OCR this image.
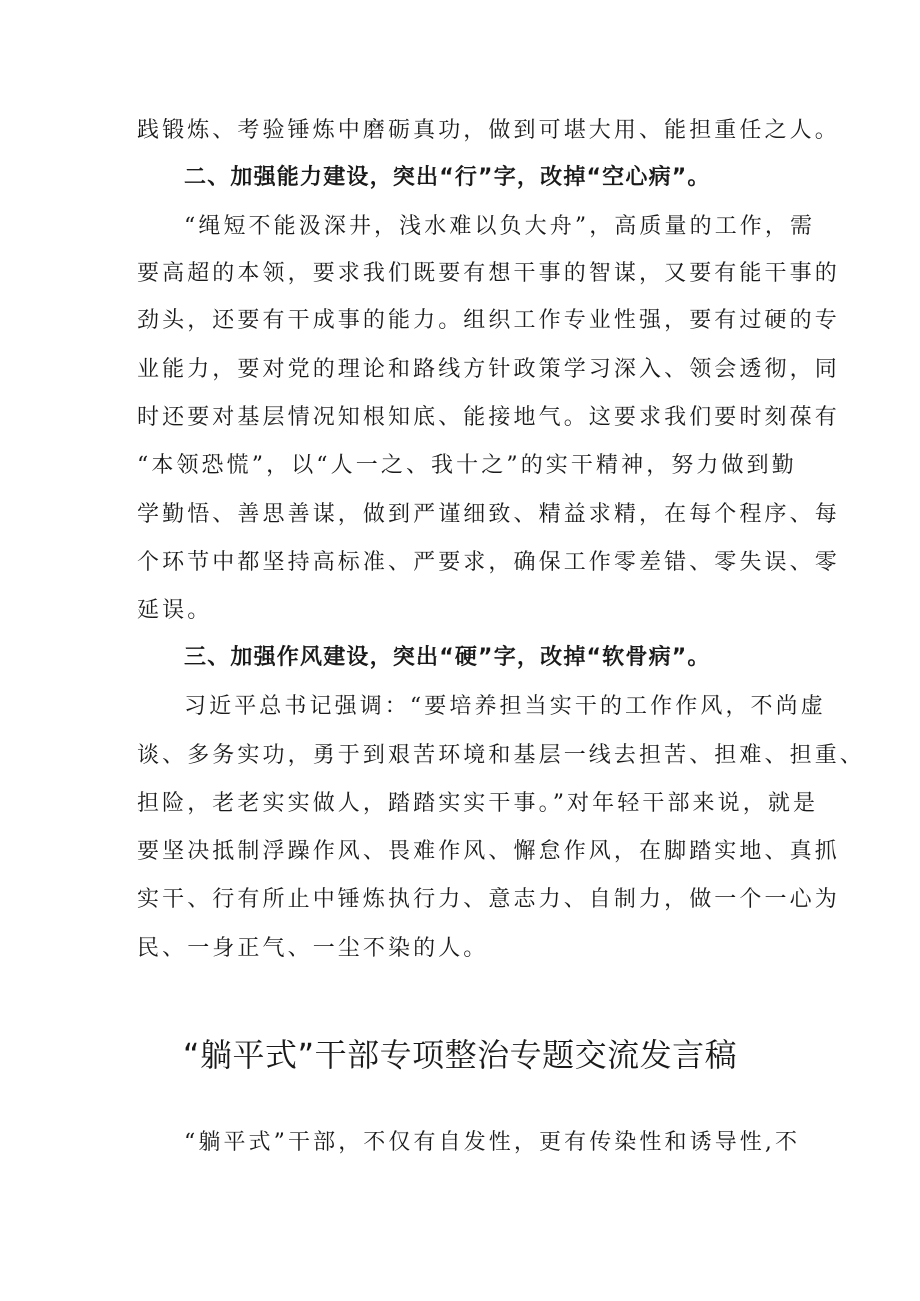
践锻炼、考验锤炼中磨砺真功，做到可堪大用、能担重任之人。
二、加强能力建设，突出“行”字，改掉“空心病”。
“绳短不能汲深井，浅水难以负大舟”，高质量的工作，需
要高超的本领，要求我们既要有想干事的智谋，又要有能干事的
劲头，还要有干成事的能力。组织工作专业性强，要有过硬的专
业能力，要对党的理论和路线方针政策学习深入、领会透彻，同
时还要对基层情况知根知底、能接地气。这要求我们要时刻葆有
“本领恐慌”，以“人一之、我十之”的实干精神，努力做到勤
学勤悟、善思善谋，做到严谨细致、精益求精，在每个程序、每
个环节中都坚持高标准、严要求，确保工作零差错、零失误、零
延误。
三、加强作风建设，突出“硬”字，改掉“软骨病”。
习近平总书记强调：“要培养担当实干的工作作风，不尚虚
谈、多务实功，勇于到艰苦环境和基层一线去担苦、担难、担重、
担险，老老实实做人，踏踏实实干事。”对年轻干部来说，就是
要坚决抵制浮躁作风、畏难作风、懈怠作风，在脚踏实地、真抓
实干、行有所止中锤炼执行力、意志力、自制力，做一个一心为
民、一身正气、一尘不染的人。
“躺平式”干部专项整治专题交流发言稿
“躺平式”干部，不仅有自发性，更有传染性和诱导性,不
